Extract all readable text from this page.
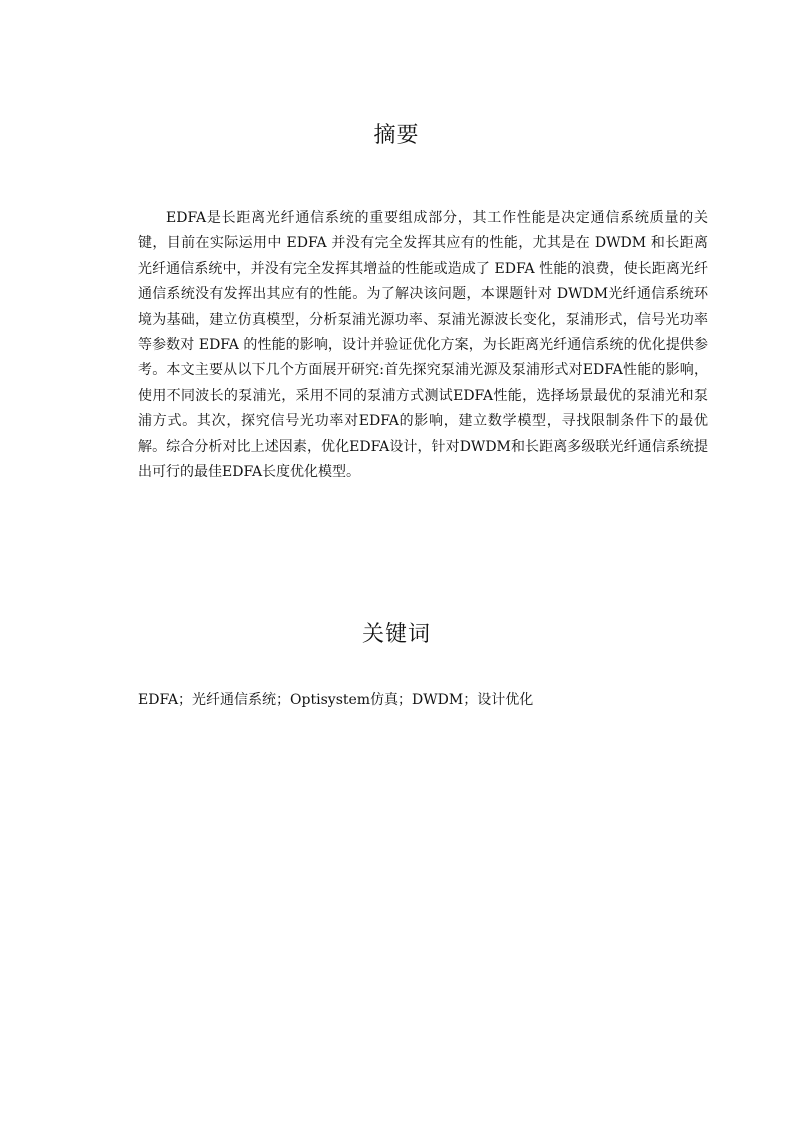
摘要

EDFA是长距离光纤通信系统的重要组成部分，其工作性能是决定通信系统质量的关键，目前在实际运用中 EDFA 并没有完全发挥其应有的性能，尤其是在 DWDM 和长距离光纤通信系统中，并没有完全发挥其增益的性能或造成了 EDFA 性能的浪费，使长距离光纤通信系统没有发挥出其应有的性能。为了解决该问题，本课题针对 DWDM光纤通信系统环境为基础，建立仿真模型，分析泵浦光源功率、泵浦光源波长变化，泵浦形式，信号光功率等参数对 EDFA 的性能的影响，设计并验证优化方案，为长距离光纤通信系统的优化提供参考。本文主要从以下几个方面展开研究:首先探究泵浦光源及泵浦形式对EDFA性能的影响，使用不同波长的泵浦光，采用不同的泵浦方式测试EDFA性能，选择场景最优的泵浦光和泵浦方式。其次，探究信号光功率对EDFA的影响，建立数学模型，寻找限制条件下的最优解。综合分析对比上述因素，优化EDFA设计，针对DWDM和长距离多级联光纤通信系统提出可行的最佳EDFA长度优化模型。

关键词

EDFA；光纤通信系统；Optisystem仿真；DWDM；设计优化
